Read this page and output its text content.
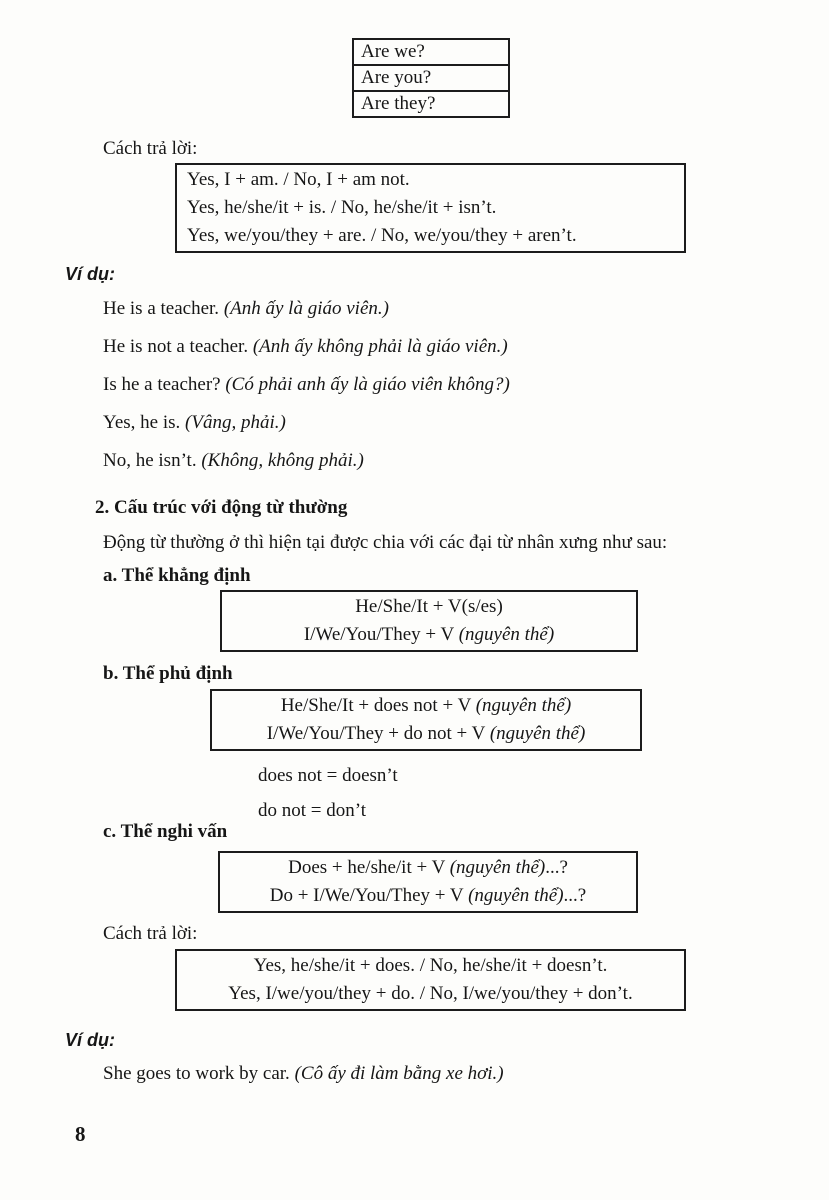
Are we?
Are you?
Are they?
Cách trả lời:
Yes, I + am. / No, I + am not.
Yes, he/she/it + is. / No, he/she/it + isn’t.
Yes, we/you/they + are. / No, we/you/they + aren’t.
Ví dụ:
He is a teacher. (Anh ấy là giáo viên.)
He is not a teacher. (Anh ấy không phải là giáo viên.)
Is he a teacher? (Có phải anh ấy là giáo viên không?)
Yes, he is. (Vâng, phải.)
No, he isn’t. (Không, không phải.)
2. Cấu trúc với động từ thường
Động từ thường ở thì hiện tại được chia với các đại từ nhân xưng như sau:
a. Thể khẳng định
He/She/It + V(s/es)
I/We/You/They + V (nguyên thể)
b. Thể phủ định
He/She/It + does not + V (nguyên thể)
I/We/You/They + do not + V (nguyên thể)
does not = doesn’t
do not = don’t
c. Thể nghi vấn
Does + he/she/it + V (nguyên thể)...?
Do + I/We/You/They + V (nguyên thể)...?
Cách trả lời:
Yes, he/she/it + does. / No, he/she/it + doesn’t.
Yes, I/we/you/they + do. / No, I/we/you/they + don’t.
Ví dụ:
She goes to work by car. (Cô ấy đi làm bằng xe hơi.)
8
